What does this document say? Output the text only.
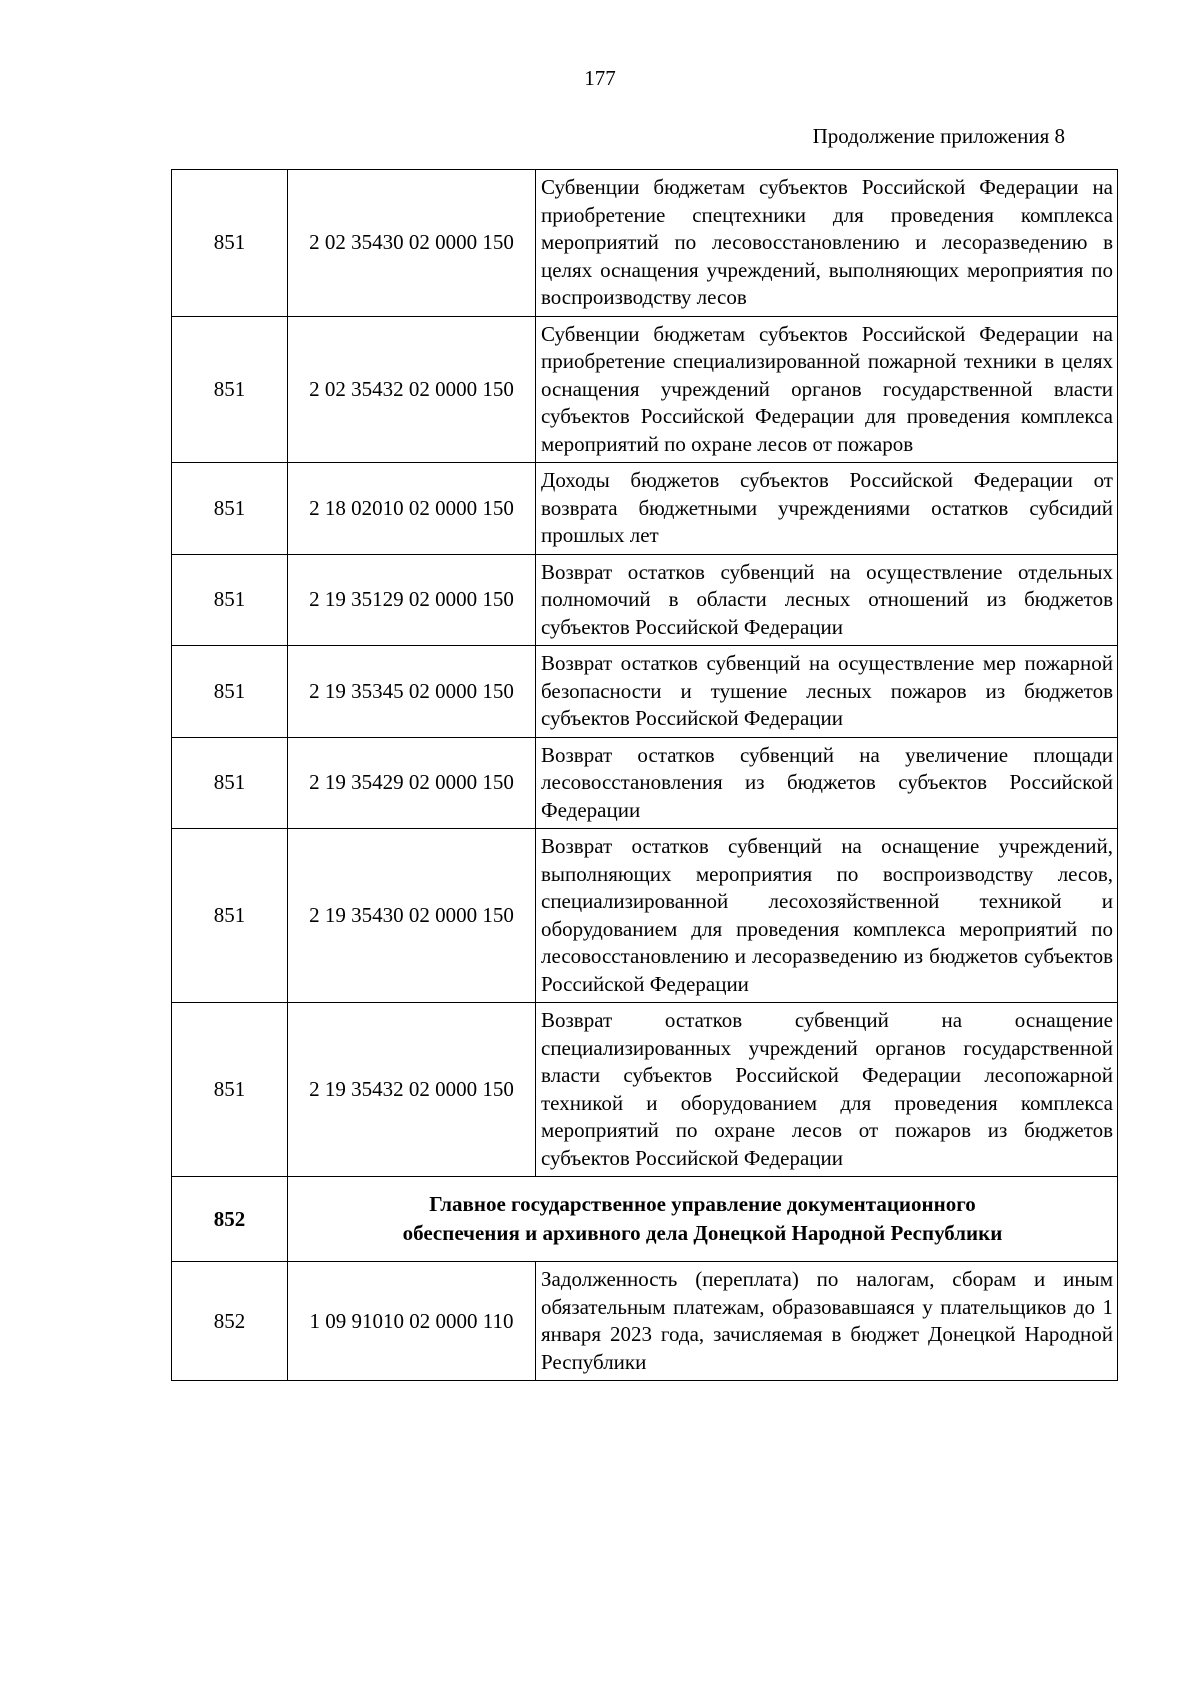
177
Продолжение приложения 8
851	2 02 35430 02 0000 150	Субвенции бюджетам субъектов Российской Федерации на приобретение спецтехники для проведения комплекса мероприятий по лесовосстановлению и лесоразведению в целях оснащения учреждений, выполняющих мероприятия по воспроизводству лесов
851	2 02 35432 02 0000 150	Субвенции бюджетам субъектов Российской Федерации на приобретение специализированной пожарной техники в целях оснащения учреждений органов государственной власти субъектов Российской Федерации для проведения комплекса мероприятий по охране лесов от пожаров
851	2 18 02010 02 0000 150	Доходы бюджетов субъектов Российской Федерации от возврата бюджетными учреждениями остатков субсидий прошлых лет
851	2 19 35129 02 0000 150	Возврат остатков субвенций на осуществление отдельных полномочий в области лесных отношений из бюджетов субъектов Российской Федерации
851	2 19 35345 02 0000 150	Возврат остатков субвенций на осуществление мер пожарной безопасности и тушение лесных пожаров из бюджетов субъектов Российской Федерации
851	2 19 35429 02 0000 150	Возврат остатков субвенций на увеличение площади лесовосстановления из бюджетов субъектов Российской Федерации
851	2 19 35430 02 0000 150	Возврат остатков субвенций на оснащение учреждений, выполняющих мероприятия по воспроизводству лесов, специализированной лесохозяйственной техникой и оборудованием для проведения комплекса мероприятий по лесовосстановлению и лесоразведению из бюджетов субъектов Российской Федерации
851	2 19 35432 02 0000 150	Возврат остатков субвенций на оснащение специализированных учреждений органов государственной власти субъектов Российской Федерации лесопожарной техникой и оборудованием для проведения комплекса мероприятий по охране лесов от пожаров из бюджетов субъектов Российской Федерации
852	Главное государственное управление документационного
обеспечения и архивного дела Донецкой Народной Республики	

852	1 09 91010 02 0000 110	Задолженность (переплата) по налогам, сборам и иным обязательным платежам, образовавшаяся у плательщиков до 1 января 2023 года, зачисляемая в бюджет Донецкой Народной Республики
